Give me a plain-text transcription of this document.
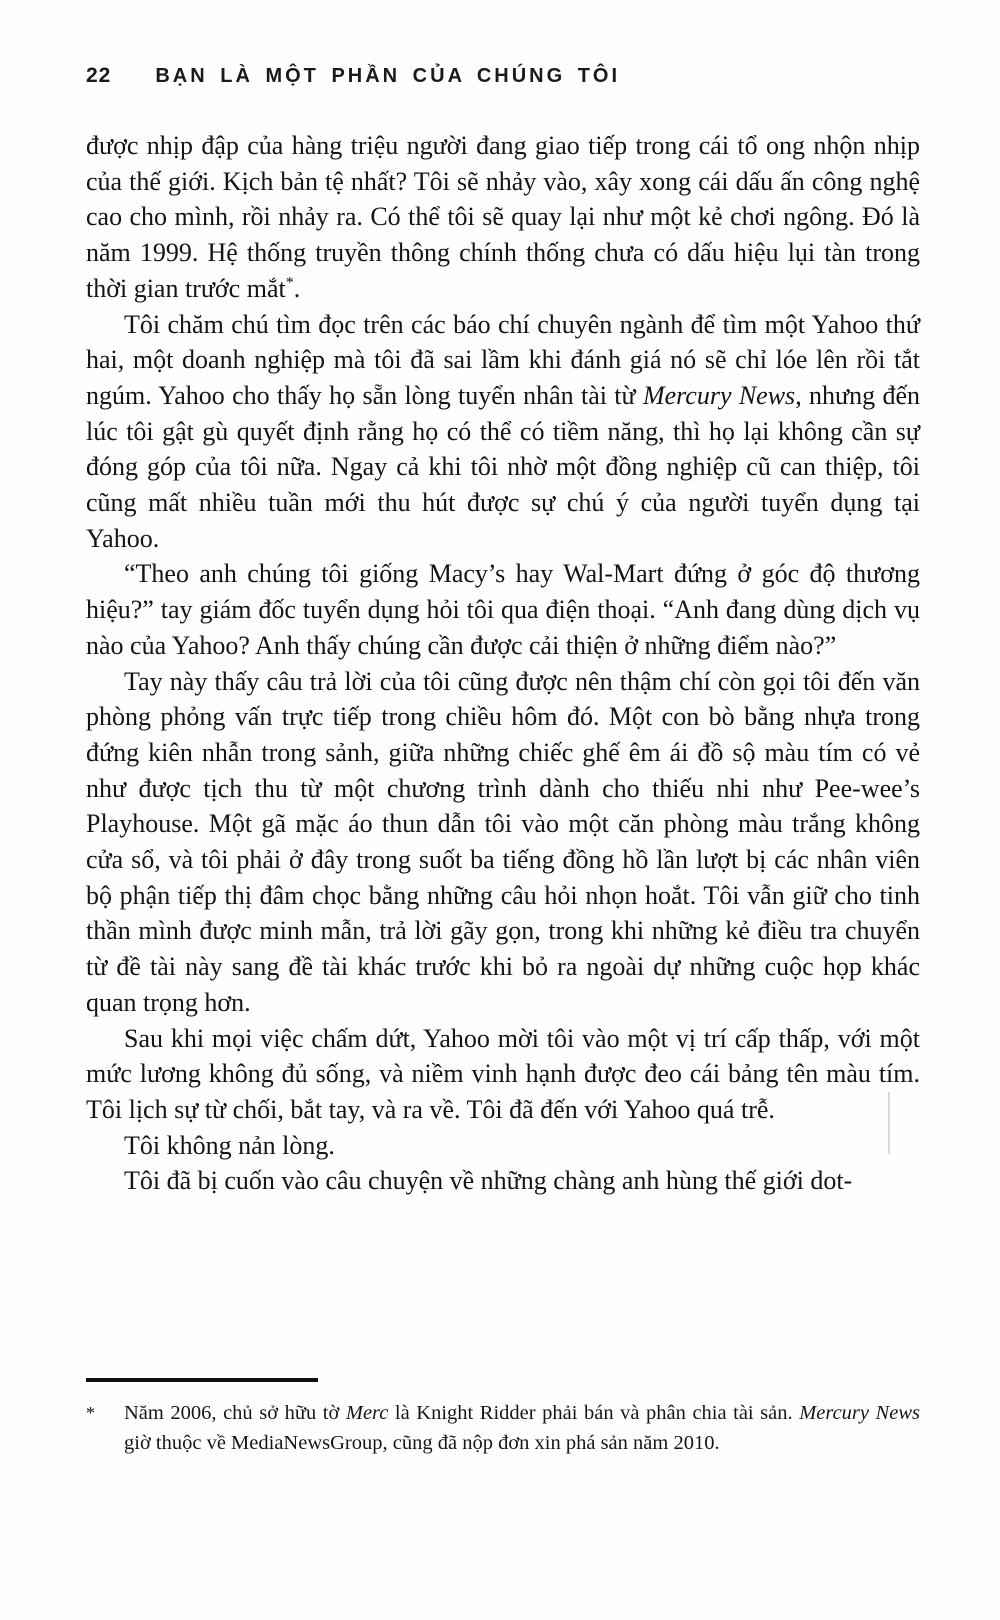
22 BẠN LÀ MỘT PHẦN CỦA CHÚNG TÔI

được nhịp đập của hàng triệu người đang giao tiếp trong cái tổ ong nhộn nhịp của thế giới. Kịch bản tệ nhất? Tôi sẽ nhảy vào, xây xong cái dấu ấn công nghệ cao cho mình, rồi nhảy ra. Có thể tôi sẽ quay lại như một kẻ chơi ngông. Đó là năm 1999. Hệ thống truyền thông chính thống chưa có dấu hiệu lụi tàn trong thời gian trước mắt*.

Tôi chăm chú tìm đọc trên các báo chí chuyên ngành để tìm một Yahoo thứ hai, một doanh nghiệp mà tôi đã sai lầm khi đánh giá nó sẽ chỉ lóe lên rồi tắt ngúm. Yahoo cho thấy họ sẵn lòng tuyển nhân tài từ Mercury News, nhưng đến lúc tôi gật gù quyết định rằng họ có thể có tiềm năng, thì họ lại không cần sự đóng góp của tôi nữa. Ngay cả khi tôi nhờ một đồng nghiệp cũ can thiệp, tôi cũng mất nhiều tuần mới thu hút được sự chú ý của người tuyển dụng tại Yahoo.

“Theo anh chúng tôi giống Macy’s hay Wal-Mart đứng ở góc độ thương hiệu?” tay giám đốc tuyển dụng hỏi tôi qua điện thoại. “Anh đang dùng dịch vụ nào của Yahoo? Anh thấy chúng cần được cải thiện ở những điểm nào?”

Tay này thấy câu trả lời của tôi cũng được nên thậm chí còn gọi tôi đến văn phòng phỏng vấn trực tiếp trong chiều hôm đó. Một con bò bằng nhựa trong đứng kiên nhẫn trong sảnh, giữa những chiếc ghế êm ái đồ sộ màu tím có vẻ như được tịch thu từ một chương trình dành cho thiếu nhi như Pee-wee’s Playhouse. Một gã mặc áo thun dẫn tôi vào một căn phòng màu trắng không cửa sổ, và tôi phải ở đây trong suốt ba tiếng đồng hồ lần lượt bị các nhân viên bộ phận tiếp thị đâm chọc bằng những câu hỏi nhọn hoắt. Tôi vẫn giữ cho tinh thần mình được minh mẫn, trả lời gãy gọn, trong khi những kẻ điều tra chuyển từ đề tài này sang đề tài khác trước khi bỏ ra ngoài dự những cuộc họp khác quan trọng hơn.

Sau khi mọi việc chấm dứt, Yahoo mời tôi vào một vị trí cấp thấp, với một mức lương không đủ sống, và niềm vinh hạnh được đeo cái bảng tên màu tím. Tôi lịch sự từ chối, bắt tay, và ra về. Tôi đã đến với Yahoo quá trễ.

Tôi không nản lòng.

Tôi đã bị cuốn vào câu chuyện về những chàng anh hùng thế giới dot-

*	Năm 2006, chủ sở hữu tờ Merc là Knight Ridder phải bán và phân chia tài sản. Mercury News giờ thuộc về MediaNewsGroup, cũng đã nộp đơn xin phá sản năm 2010.
